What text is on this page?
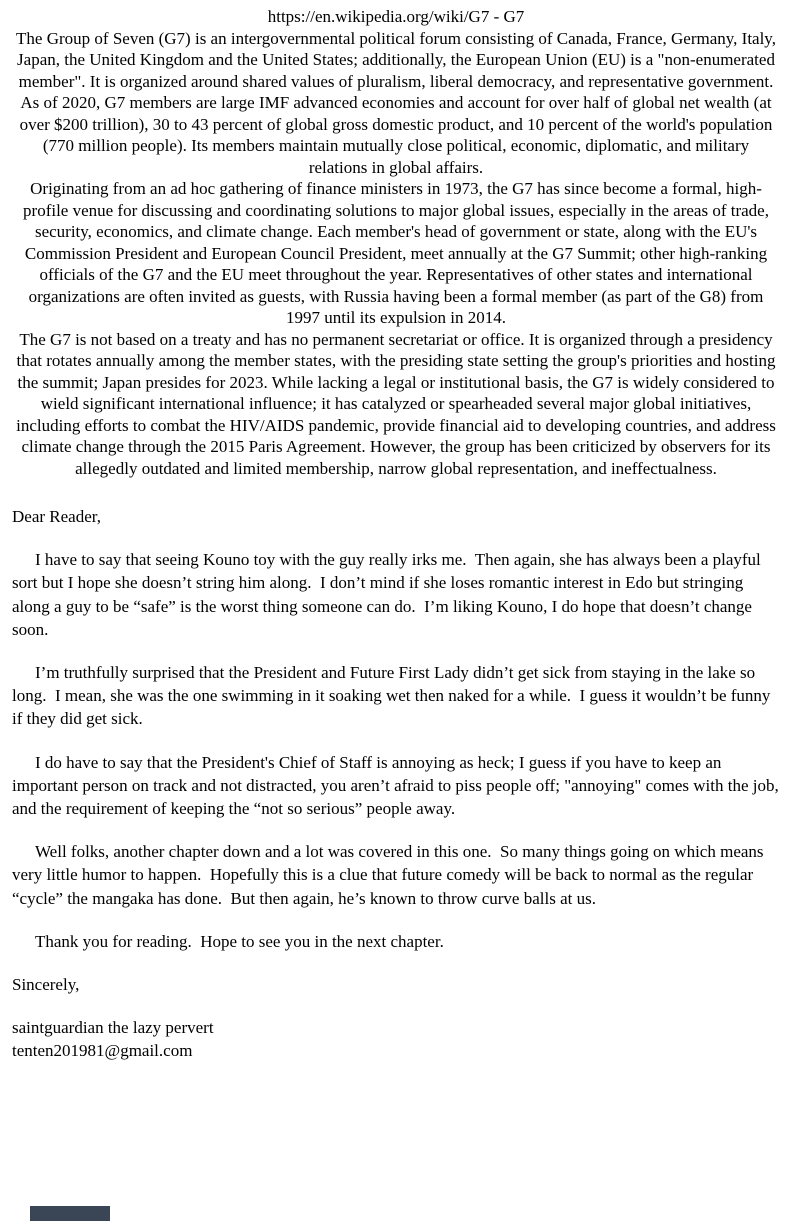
https://en.wikipedia.org/wiki/G7 - G7

The Group of Seven (G7) is an intergovernmental political forum consisting of Canada, France, Germany, Italy, Japan, the United Kingdom and the United States; additionally, the European Union (EU) is a "non-enumerated member". It is organized around shared values of pluralism, liberal democracy, and representative government. As of 2020, G7 members are large IMF advanced economies and account for over half of global net wealth (at over $200 trillion), 30 to 43 percent of global gross domestic product, and 10 percent of the world's population (770 million people). Its members maintain mutually close political, economic, diplomatic, and military relations in global affairs.

Originating from an ad hoc gathering of finance ministers in 1973, the G7 has since become a formal, high-profile venue for discussing and coordinating solutions to major global issues, especially in the areas of trade, security, economics, and climate change. Each member's head of government or state, along with the EU's Commission President and European Council President, meet annually at the G7 Summit; other high-ranking officials of the G7 and the EU meet throughout the year. Representatives of other states and international organizations are often invited as guests, with Russia having been a formal member (as part of the G8) from 1997 until its expulsion in 2014.

The G7 is not based on a treaty and has no permanent secretariat or office. It is organized through a presidency that rotates annually among the member states, with the presiding state setting the group's priorities and hosting the summit; Japan presides for 2023. While lacking a legal or institutional basis, the G7 is widely considered to wield significant international influence; it has catalyzed or spearheaded several major global initiatives, including efforts to combat the HIV/AIDS pandemic, provide financial aid to developing countries, and address climate change through the 2015 Paris Agreement. However, the group has been criticized by observers for its allegedly outdated and limited membership, narrow global representation, and ineffectualness.

Dear Reader,

I have to say that seeing Kouno toy with the guy really irks me.  Then again, she has always been a playful sort but I hope she doesn’t string him along.  I don’t mind if she loses romantic interest in Edo but stringing along a guy to be “safe” is the worst thing someone can do.  I’m liking Kouno, I do hope that doesn’t change soon.

I’m truthfully surprised that the President and Future First Lady didn’t get sick from staying in the lake so long.  I mean, she was the one swimming in it soaking wet then naked for a while.  I guess it wouldn’t be funny if they did get sick.

I do have to say that the President's Chief of Staff is annoying as heck; I guess if you have to keep an important person on track and not distracted, you aren’t afraid to piss people off; "annoying" comes with the job, and the requirement of keeping the “not so serious” people away.

Well folks, another chapter down and a lot was covered in this one.  So many things going on which means very little humor to happen.  Hopefully this is a clue that future comedy will be back to normal as the regular “cycle” the mangaka has done.  But then again, he’s known to throw curve balls at us.

Thank you for reading.  Hope to see you in the next chapter.

Sincerely,

saintguardian the lazy pervert

tenten201981@gmail.com
